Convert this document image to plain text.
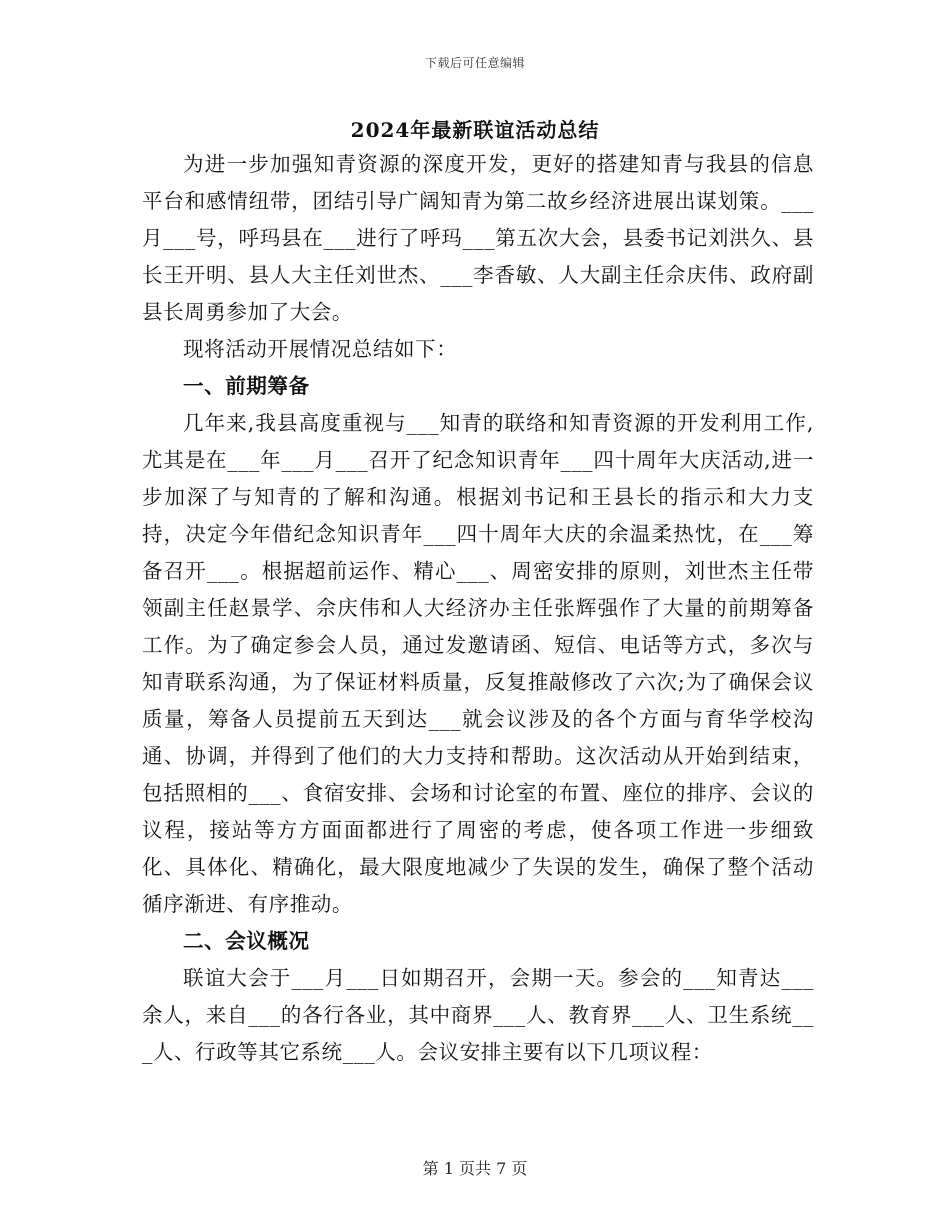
下载后可任意编辑
2024年最新联谊活动总结

为进一步加强知青资源的深度开发，更好的搭建知青与我县的信息平台和感情纽带，团结引导广阔知青为第二故乡经济进展出谋划策。___月___号，呼玛县在___进行了呼玛___第五次大会，县委书记刘洪久、县长王开明、县人大主任刘世杰、___李香敏、人大副主任佘庆伟、政府副县长周勇参加了大会。

现将活动开展情况总结如下：

一、前期筹备

几年来,我县高度重视与___知青的联络和知青资源的开发利用工作,尤其是在___年___月___召开了纪念知识青年___四十周年大庆活动,进一步加深了与知青的了解和沟通。根据刘书记和王县长的指示和大力支持，决定今年借纪念知识青年___四十周年大庆的余温柔热忱，在___筹备召开___。根据超前运作、精心___、周密安排的原则，刘世杰主任带领副主任赵景学、佘庆伟和人大经济办主任张辉强作了大量的前期筹备工作。为了确定参会人员，通过发邀请函、短信、电话等方式，多次与知青联系沟通，为了保证材料质量，反复推敲修改了六次;为了确保会议质量，筹备人员提前五天到达___就会议涉及的各个方面与育华学校沟通、协调，并得到了他们的大力支持和帮助。这次活动从开始到结束，包括照相的___、食宿安排、会场和讨论室的布置、座位的排序、会议的议程，接站等方方面面都进行了周密的考虑，使各项工作进一步细致化、具体化、精确化，最大限度地减少了失误的发生，确保了整个活动循序渐进、有序推动。

二、会议概况

联谊大会于___月___日如期召开，会期一天。参会的___知青达___余人，来自___的各行各业，其中商界___人、教育界___人、卫生系统___人、行政等其它系统___人。会议安排主要有以下几项议程：

第 1 页共 7 页
